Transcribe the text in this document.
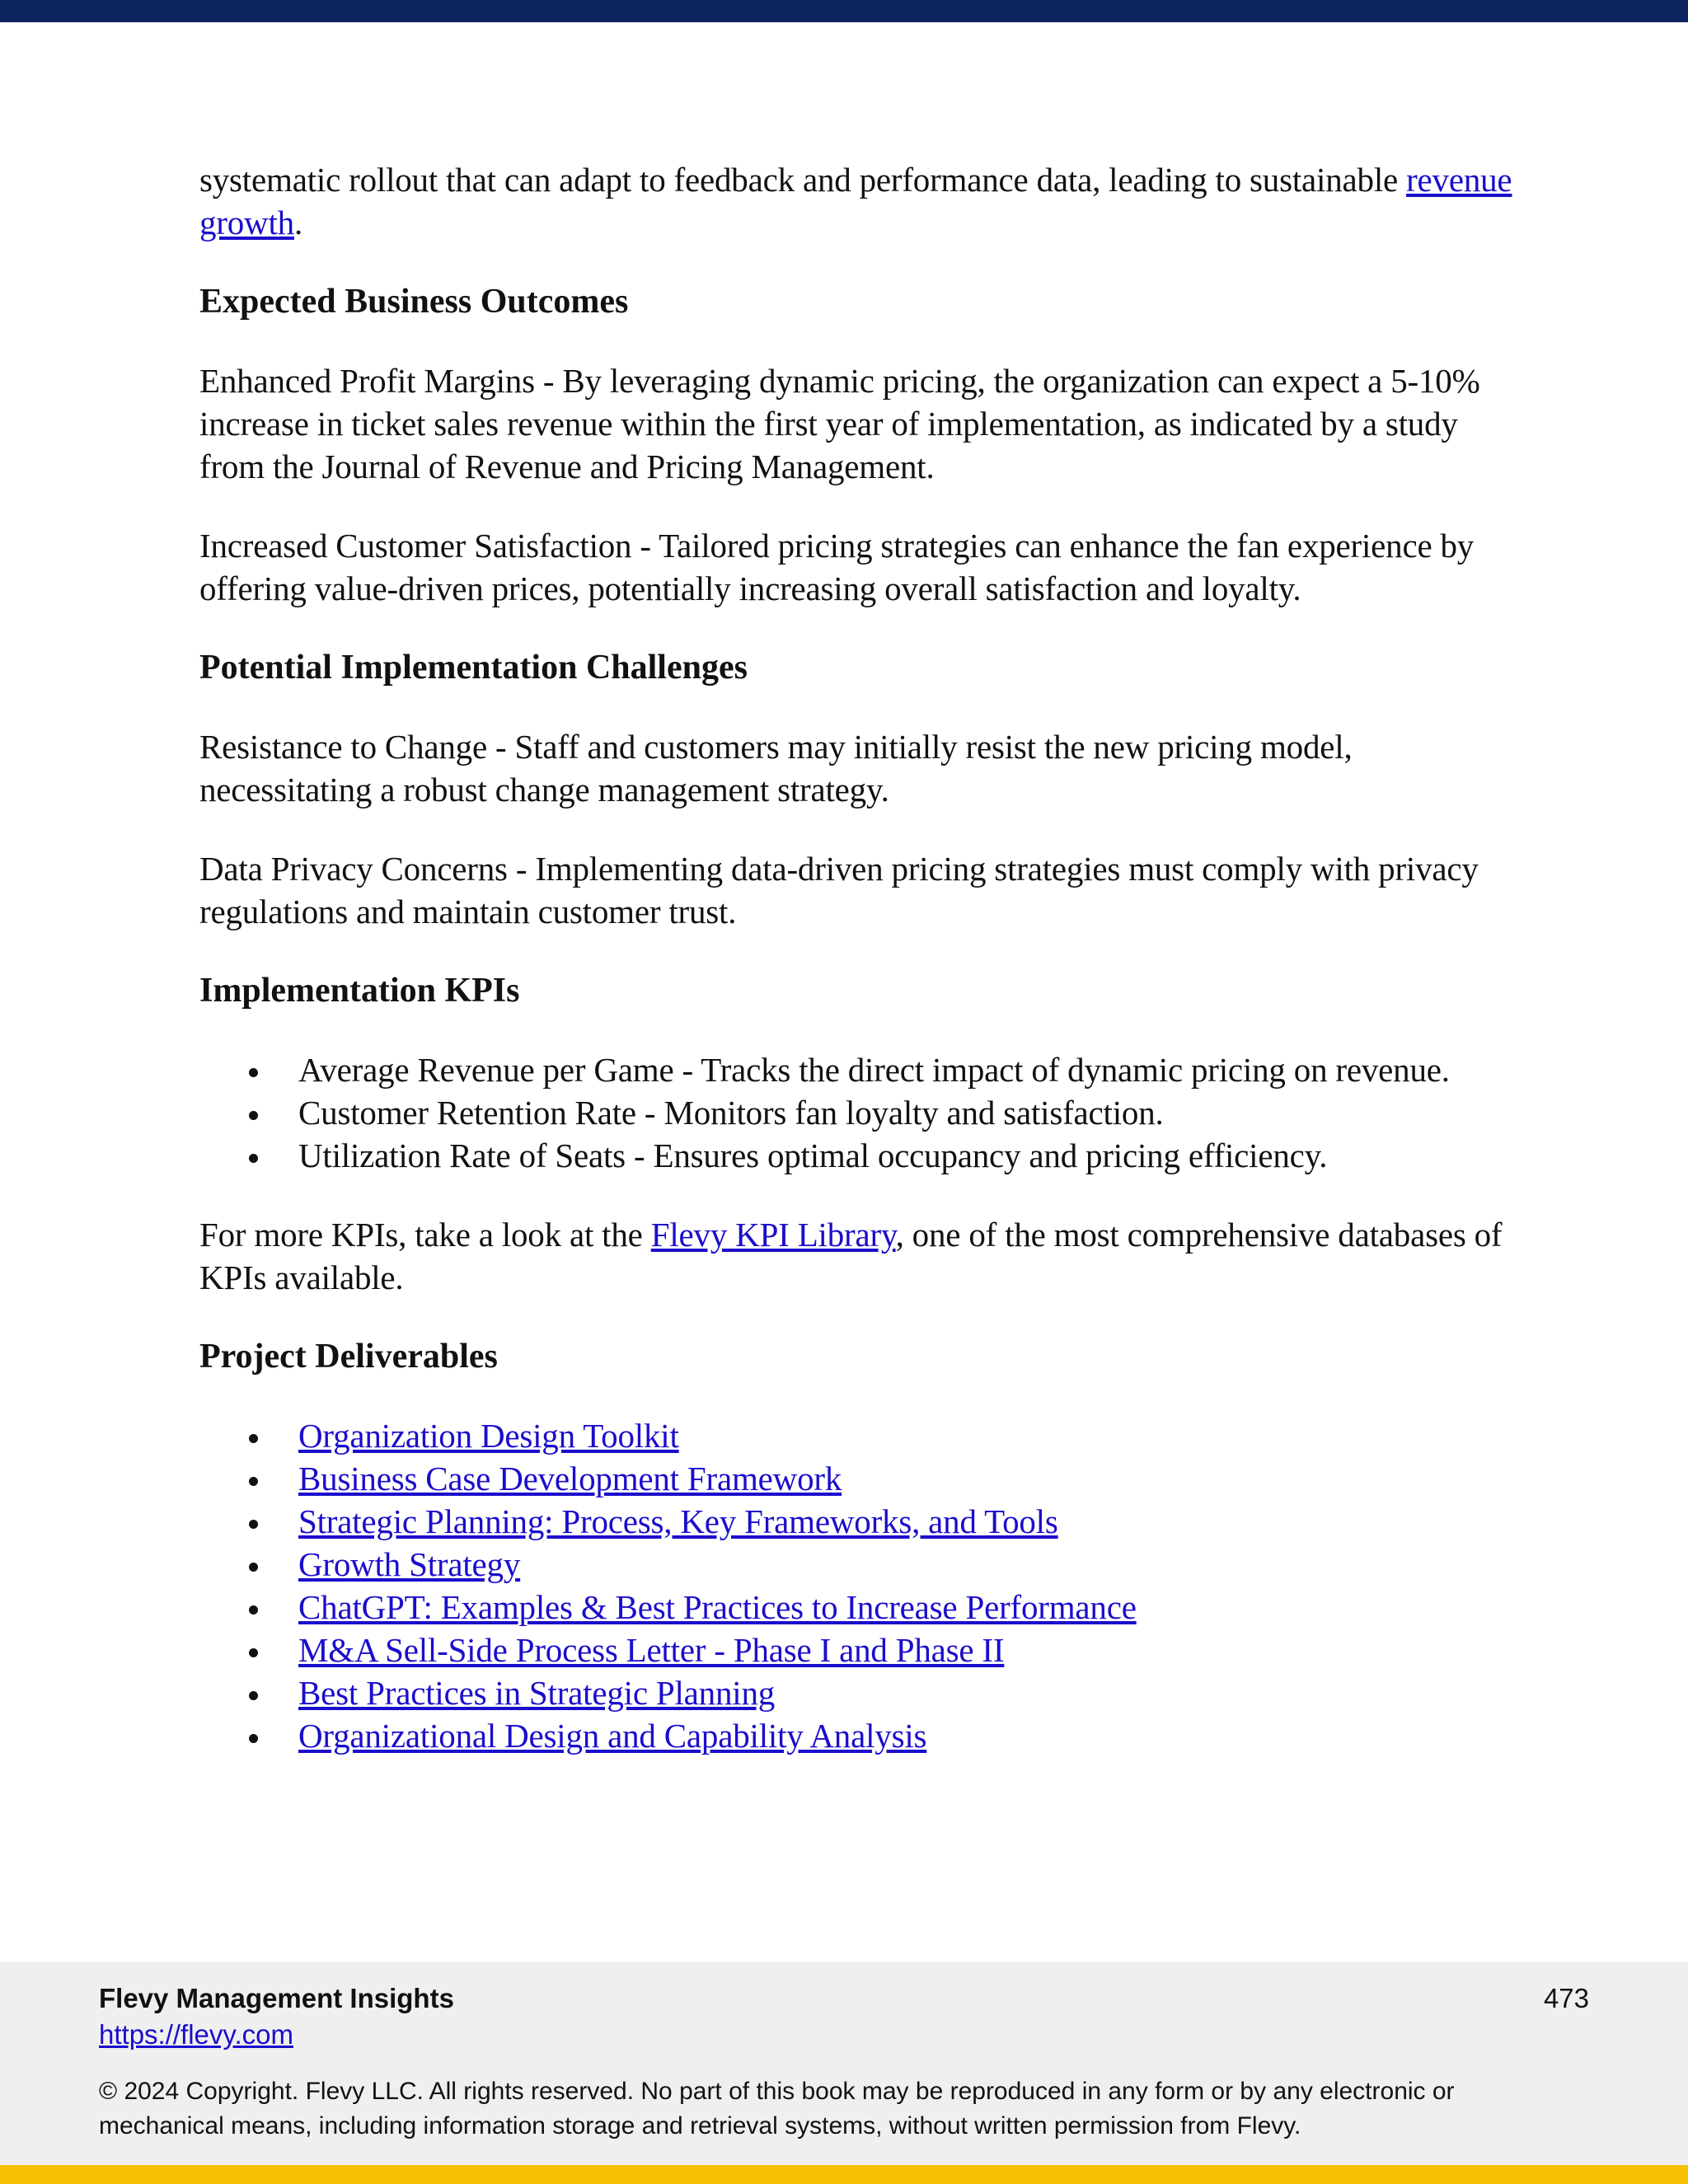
systematic rollout that can adapt to feedback and performance data, leading to sustainable revenue growth.

Expected Business Outcomes

Enhanced Profit Margins - By leveraging dynamic pricing, the organization can expect a 5-10% increase in ticket sales revenue within the first year of implementation, as indicated by a study from the Journal of Revenue and Pricing Management.

Increased Customer Satisfaction - Tailored pricing strategies can enhance the fan experience by offering value-driven prices, potentially increasing overall satisfaction and loyalty.

Potential Implementation Challenges

Resistance to Change - Staff and customers may initially resist the new pricing model, necessitating a robust change management strategy.

Data Privacy Concerns - Implementing data-driven pricing strategies must comply with privacy regulations and maintain customer trust.

Implementation KPIs
Average Revenue per Game - Tracks the direct impact of dynamic pricing on revenue.
Customer Retention Rate - Monitors fan loyalty and satisfaction.
Utilization Rate of Seats - Ensures optimal occupancy and pricing efficiency.

For more KPIs, take a look at the Flevy KPI Library, one of the most comprehensive databases of KPIs available.

Project Deliverables
Organization Design Toolkit
Business Case Development Framework
Strategic Planning: Process, Key Frameworks, and Tools
Growth Strategy
ChatGPT: Examples & Best Practices to Increase Performance
M&A Sell-Side Process Letter - Phase I and Phase II
Best Practices in Strategic Planning
Organizational Design and Capability Analysis
Flevy Management Insights
https://flevy.com
473
© 2024 Copyright. Flevy LLC. All rights reserved. No part of this book may be reproduced in any form or by any electronic or mechanical means, including information storage and retrieval systems, without written permission from Flevy.
